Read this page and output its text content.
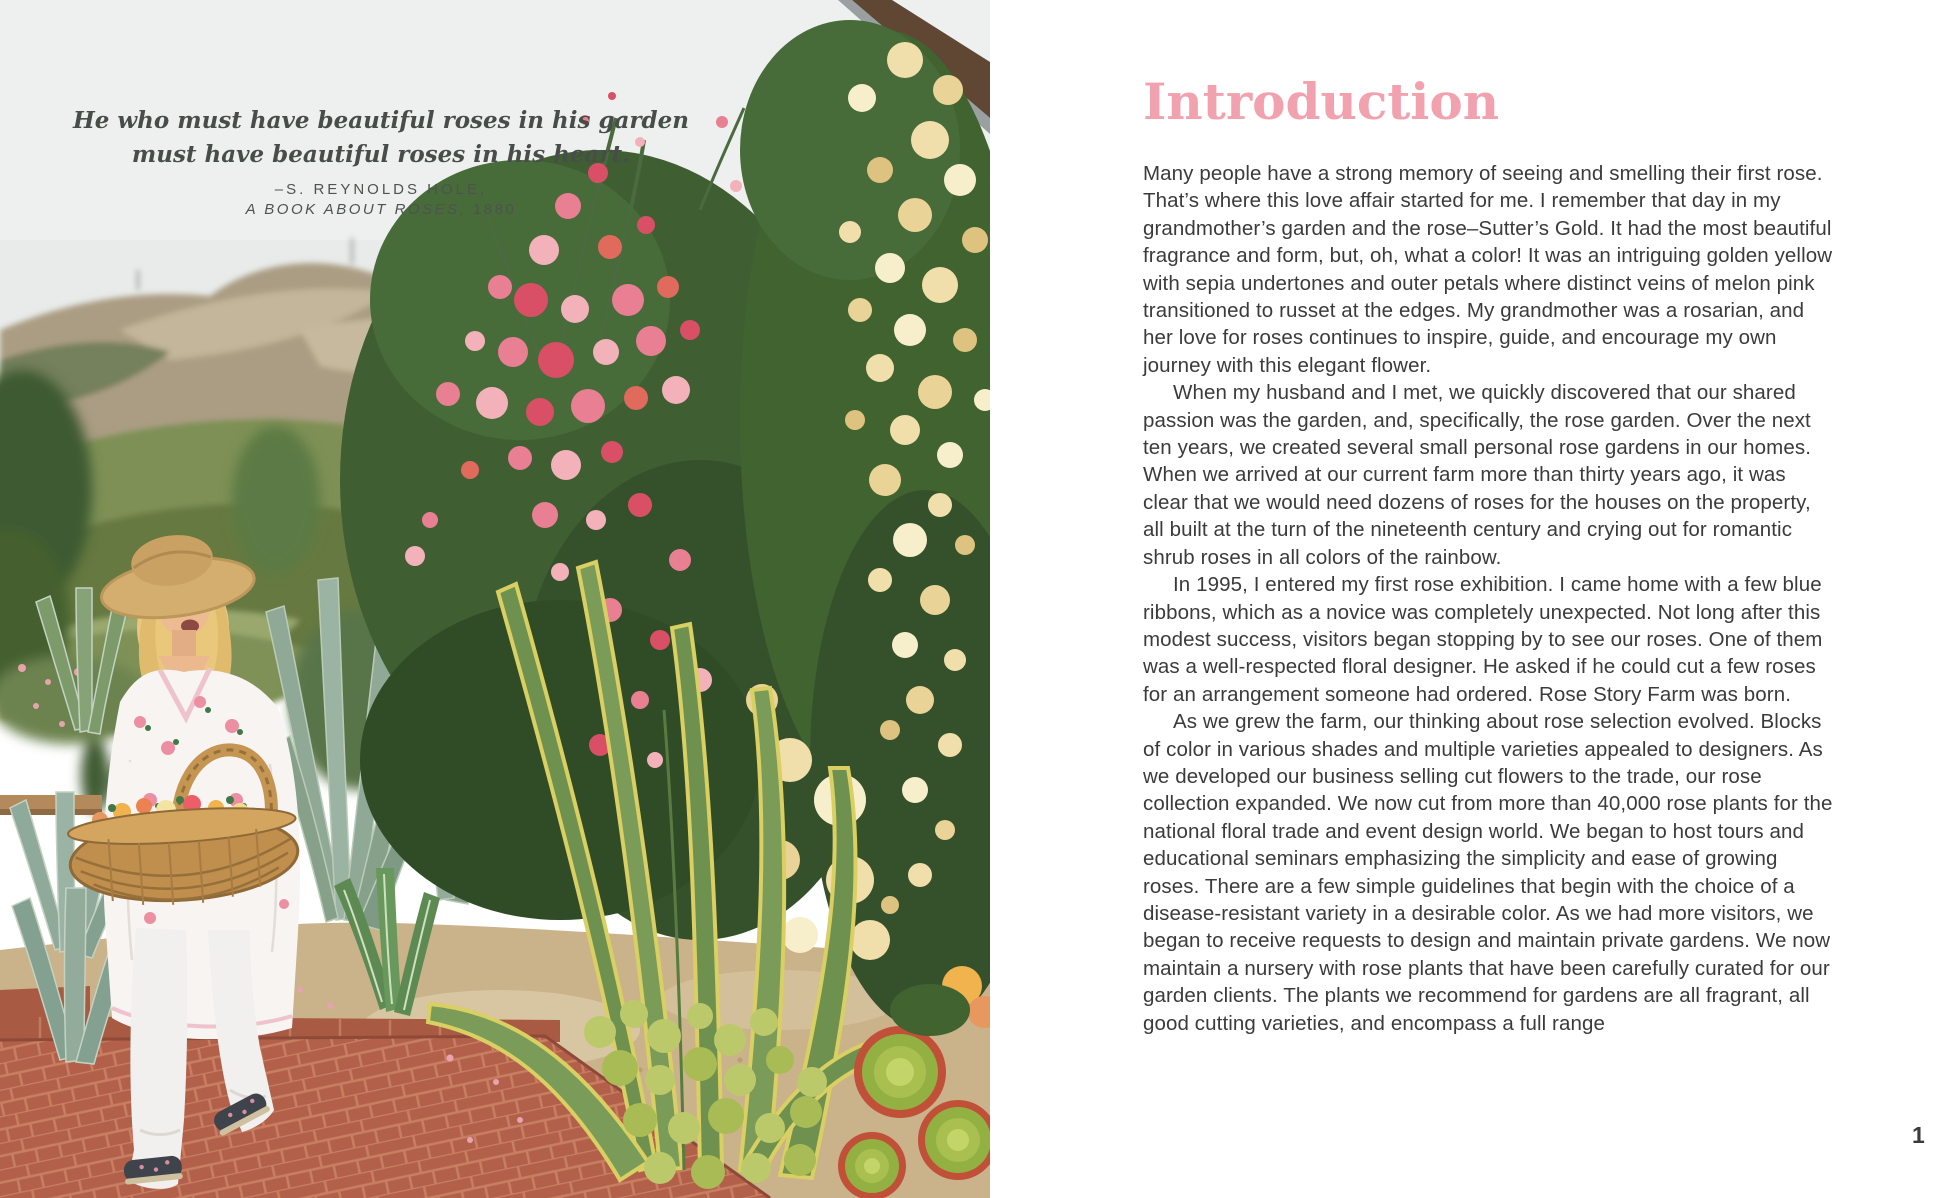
He who must have beautiful roses in his garden
must have beautiful roses in his heart.
–S. REYNOLDS HOLE,
A BOOK ABOUT ROSES, 1880
Introduction

Many people have a strong memory of seeing and smelling their first rose. That’s where this love affair started for me. I remember that day in my grandmother’s garden and the rose–Sutter’s Gold. It had the most beautiful fragrance and form, but, oh, what a color! It was an intriguing golden yellow with sepia undertones and outer petals where distinct veins of melon pink transitioned to russet at the edges. My grandmother was a rosarian, and her love for roses continues to inspire, guide, and encourage my own journey with this elegant flower.

When my husband and I met, we quickly discovered that our shared passion was the garden, and, specifically, the rose garden. Over the next ten years, we created several small personal rose gardens in our homes. When we arrived at our current farm more than thirty years ago, it was clear that we would need dozens of roses for the houses on the property, all built at the turn of the nineteenth century and crying out for romantic shrub roses in all colors of the rainbow.

In 1995, I entered my first rose exhibition. I came home with a few blue ribbons, which as a novice was completely unexpected. Not long after this modest success, visitors began stopping by to see our roses. One of them was a well-respected floral designer. He asked if he could cut a few roses for an arrangement someone had ordered. Rose Story Farm was born.

As we grew the farm, our thinking about rose selection evolved. Blocks of color in various shades and multiple varieties appealed to designers. As we developed our business selling cut flowers to the trade, our rose collection expanded. We now cut from more than 40,000 rose plants for the national floral trade and event design world. We began to host tours and educational seminars emphasizing the simplicity and ease of growing roses. There are a few simple guidelines that begin with the choice of a disease-resistant variety in a desirable color. As we had more visitors, we began to receive requests to design and maintain private gardens. We now maintain a nursery with rose plants that have been carefully curated for our garden clients. The plants we recommend for gardens are all fragrant, all good cutting varieties, and encompass a full range

1
